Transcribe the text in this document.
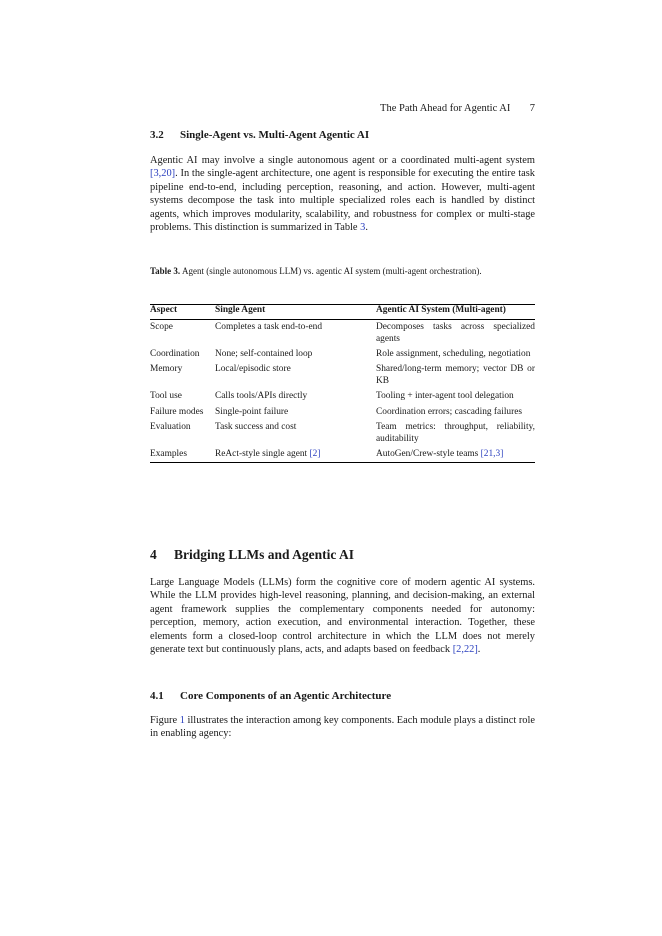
The Path Ahead for Agentic AI 7
3.2 Single-Agent vs. Multi-Agent Agentic AI

Agentic AI may involve a single autonomous agent or a coordinated multi-agent system [3,20]. In the single-agent architecture, one agent is responsible for executing the entire task pipeline end-to-end, including perception, reasoning, and action. However, multi-agent systems decompose the task into multiple specialized roles each is handled by distinct agents, which improves modularity, scalability, and robustness for complex or multi-stage problems. This distinction is summarized in Table 3.

Table 3. Agent (single autonomous LLM) vs. agentic AI system (multi-agent orchestration).
Aspect	Single Agent	Agentic AI System (Multi-agent)
Scope	Completes a task end-to-end	Decomposes tasks across specialized agents
Coordination	None; self-contained loop	Role assignment, scheduling, negotiation
Memory	Local/episodic store	Shared/long-term memory; vector DB or KB
Tool use	Calls tools/APIs directly	Tooling + inter-agent tool delegation
Failure modes	Single-point failure	Coordination errors; cascading failures
Evaluation	Task success and cost	Team metrics: throughput, reliability, auditability
Examples	ReAct-style single agent [2]	AutoGen/Crew-style teams [21,3]
4 Bridging LLMs and Agentic AI

Large Language Models (LLMs) form the cognitive core of modern agentic AI systems. While the LLM provides high-level reasoning, planning, and decision-making, an external agent framework supplies the complementary components needed for autonomy: perception, memory, action execution, and environmental interaction. Together, these elements form a closed-loop control architecture in which the LLM does not merely generate text but continuously plans, acts, and adapts based on feedback [2,22].

4.1 Core Components of an Agentic Architecture

Figure 1 illustrates the interaction among key components. Each module plays a distinct role in enabling agency:
